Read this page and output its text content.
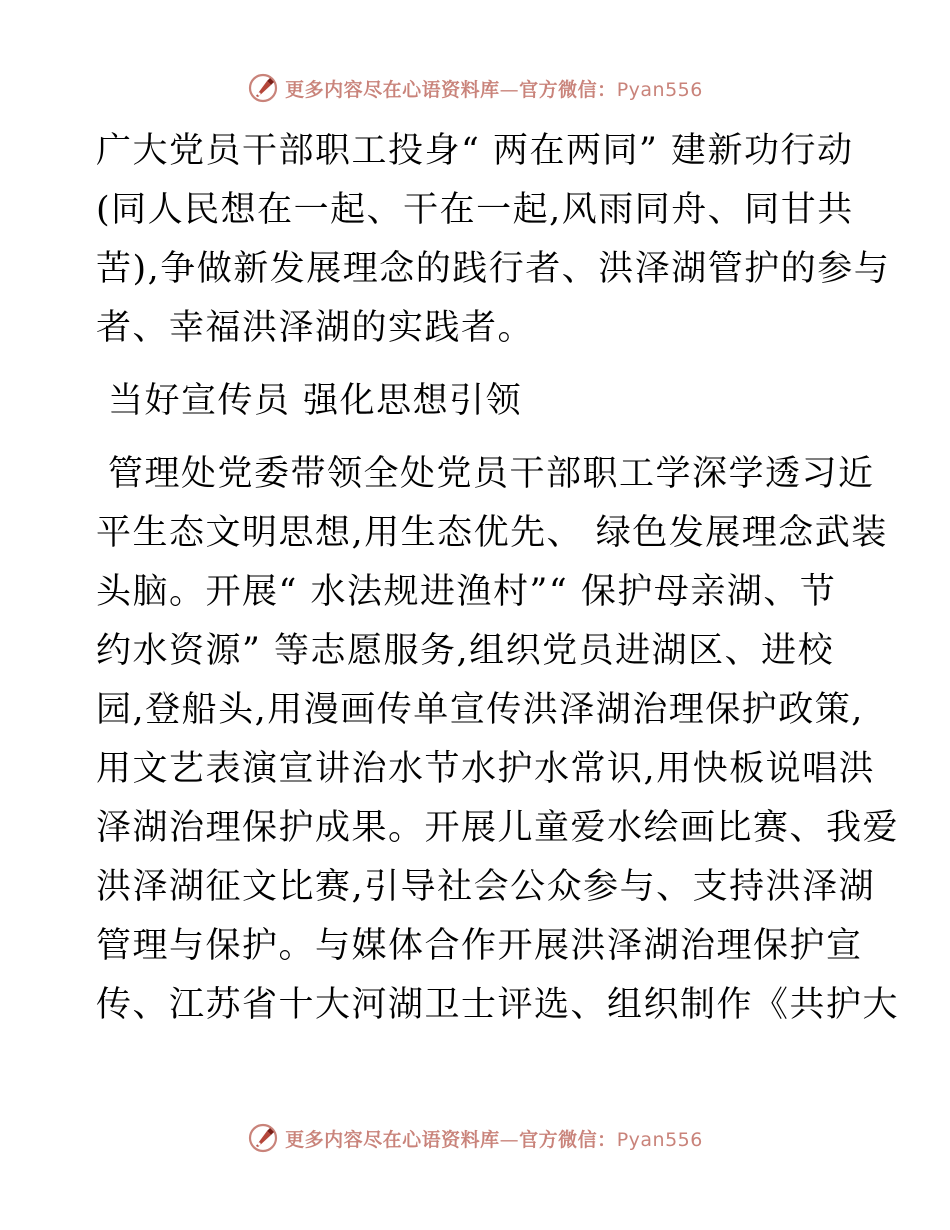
更多内容尽在心语资料库—官方微信：Pyan556
广大党员干部职工投身“ 两在两同” 建新功行动
(同人民想在一起、干在一起,风雨同舟、同甘共
苦),争做新发展理念的践行者、洪泽湖管护的参与
者、幸福洪泽湖的实践者。
当好宣传员 强化思想引领
管理处党委带领全处党员干部职工学深学透习近
平生态文明思想,用生态优先、 绿色发展理念武装
头脑。开展“ 水法规进渔村”“ 保护母亲湖、节
约水资源” 等志愿服务,组织党员进湖区、进校
园,登船头,用漫画传单宣传洪泽湖治理保护政策,
用文艺表演宣讲治水节水护水常识,用快板说唱洪
泽湖治理保护成果。开展儿童爱水绘画比赛、我爱
洪泽湖征文比赛,引导社会公众参与、支持洪泽湖
管理与保护。与媒体合作开展洪泽湖治理保护宣
传、江苏省十大河湖卫士评选、组织制作《共护大
更多内容尽在心语资料库—官方微信：Pyan556
